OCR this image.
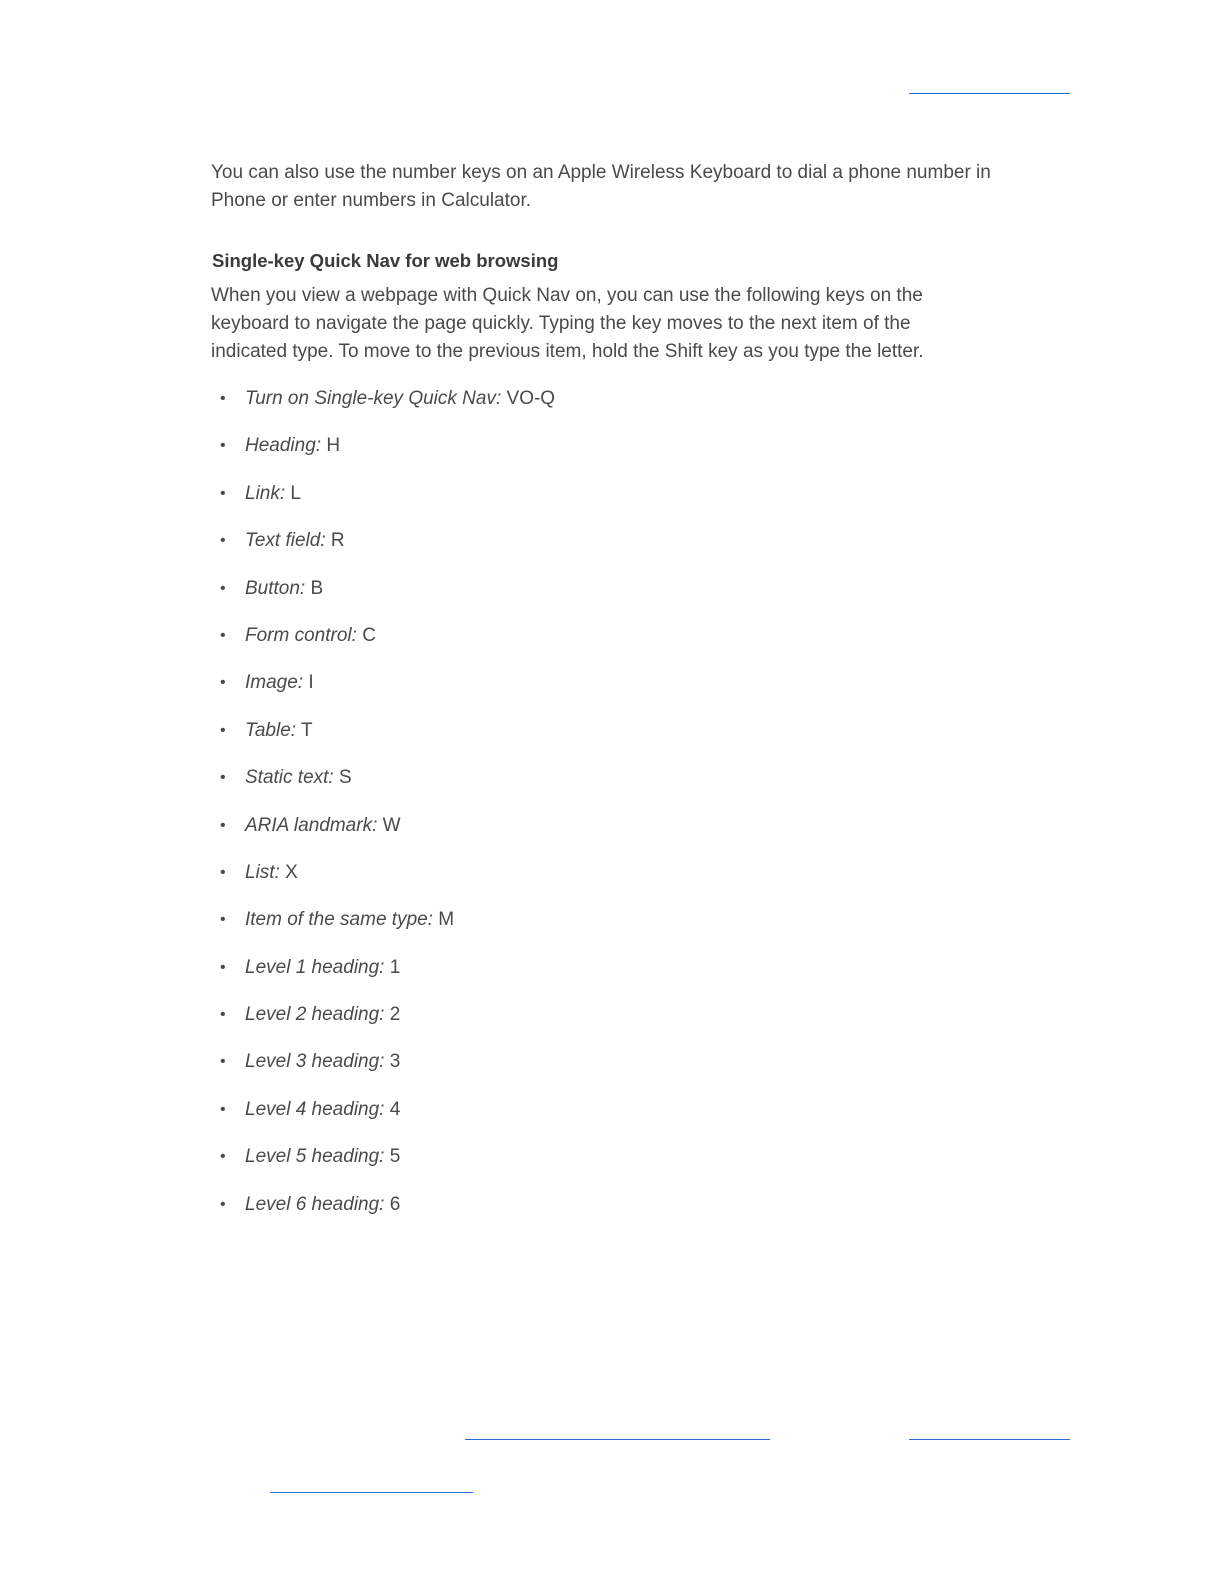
You can also use the number keys on an Apple Wireless Keyboard to dial a phone number in Phone or enter numbers in Calculator.

Single-key Quick Nav for web browsing

When you view a webpage with Quick Nav on, you can use the following keys on the keyboard to navigate the page quickly. Typing the key moves to the next item of the indicated type. To move to the previous item, hold the Shift key as you type the letter.

• Turn on Single-key Quick Nav: VO-Q
• Heading: H
• Link: L
• Text field: R
• Button: B
• Form control: C
• Image: I
• Table: T
• Static text: S
• ARIA landmark: W
• List: X
• Item of the same type: M
• Level 1 heading: 1
• Level 2 heading: 2
• Level 3 heading: 3
• Level 4 heading: 4
• Level 5 heading: 5
• Level 6 heading: 6
